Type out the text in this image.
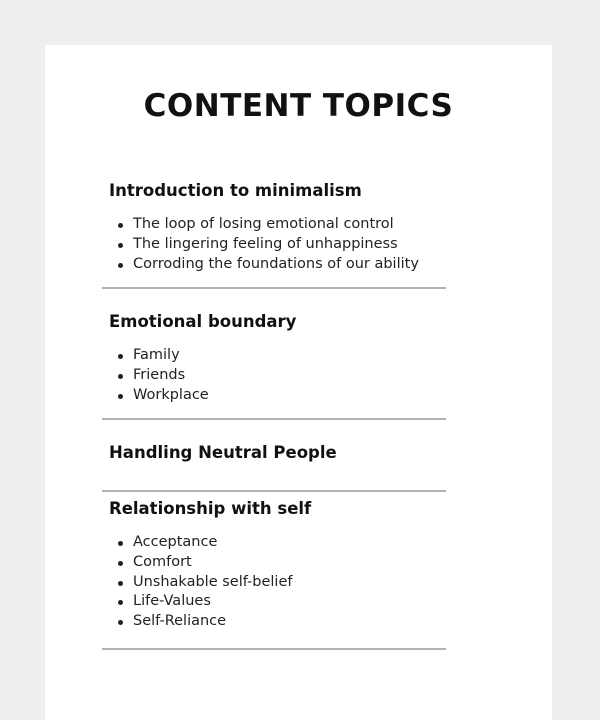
CONTENT TOPICS
Introduction to minimalism
The loop of losing emotional control
The lingering feeling of unhappiness
Corroding the foundations of our ability
Emotional boundary
Family
Friends
Workplace
Handling Neutral People
Relationship with self
Acceptance
Comfort
Unshakable self-belief
Life-Values
Self-Reliance
